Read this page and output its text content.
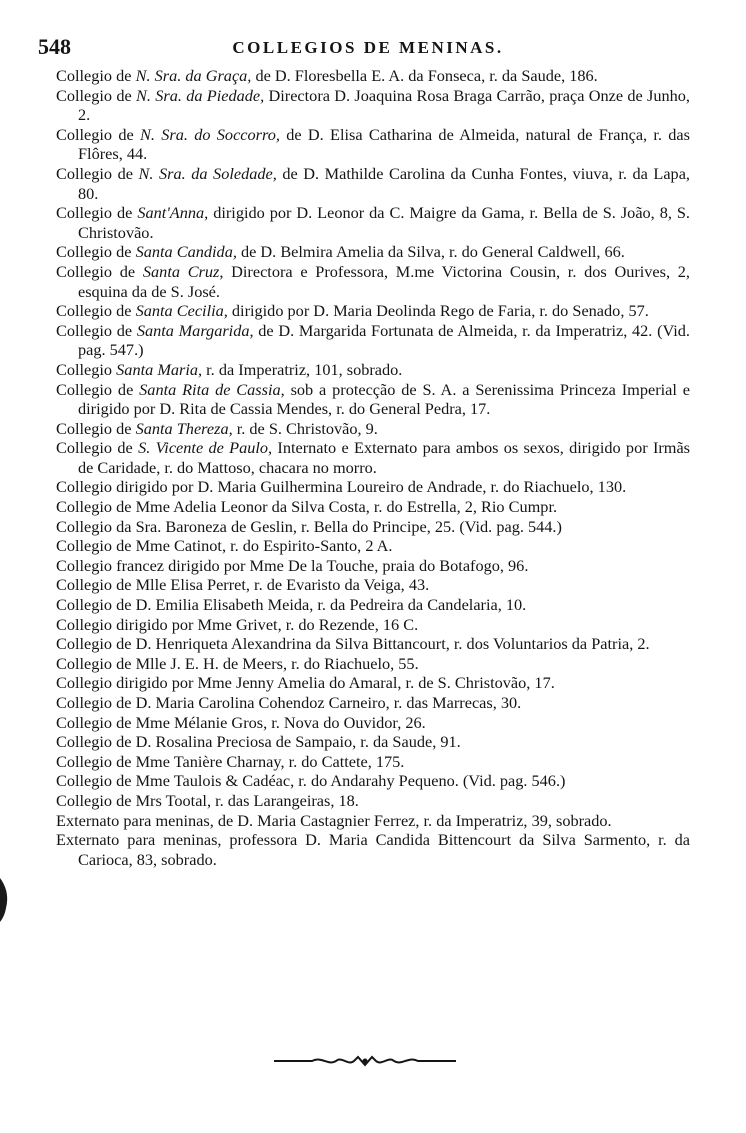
548	COLLEGIOS DE MENINAS.

Collegio de N. Sra. da Graça, de D. Floresbella E. A. da Fonseca, r. da Saude, 186.

Collegio de N. Sra. da Piedade, Directora D. Joaquina Rosa Braga Carrão, praça Onze de Junho, 2.

Collegio de N. Sra. do Soccorro, de D. Elisa Catharina de Almeida, natural de França, r. das Flôres, 44.

Collegio de N. Sra. da Soledade, de D. Mathilde Carolina da Cunha Fontes, viuva, r. da Lapa, 80.

Collegio de Sant'Anna, dirigido por D. Leonor da C. Maigre da Gama, r. Bella de S. João, 8, S. Christovão.

Collegio de Santa Candida, de D. Belmira Amelia da Silva, r. do General Caldwell, 66.

Collegio de Santa Cruz, Directora e Professora, M.me Victorina Cousin, r. dos Ourives, 2, esquina da de S. José.

Collegio de Santa Cecilia, dirigido por D. Maria Deolinda Rego de Faria, r. do Senado, 57.

Collegio de Santa Margarida, de D. Margarida Fortunata de Almeida, r. da Imperatriz, 42. (Vid. pag. 547.)

Collegio Santa Maria, r. da Imperatriz, 101, sobrado.

Collegio de Santa Rita de Cassia, sob a protecção de S. A. a Serenissima Princeza Imperial e dirigido por D. Rita de Cassia Mendes, r. do General Pedra, 17.

Collegio de Santa Thereza, r. de S. Christovão, 9.

Collegio de S. Vicente de Paulo, Internato e Externato para ambos os sexos, dirigido por Irmãs de Caridade, r. do Mattoso, chacara no morro.

Collegio dirigido por D. Maria Guilhermina Loureiro de Andrade, r. do Riachuelo, 130.

Collegio de Mme Adelia Leonor da Silva Costa, r. do Estrella, 2, Rio Cumpr.

Collegio da Sra. Baroneza de Geslin, r. Bella do Principe, 25. (Vid. pag. 544.)

Collegio de Mme Catinot, r. do Espirito-Santo, 2 A.

Collegio francez dirigido por Mme De la Touche, praia do Botafogo, 96.

Collegio de Mlle Elisa Perret, r. de Evaristo da Veiga, 43.

Collegio de D. Emilia Elisabeth Meida, r. da Pedreira da Candelaria, 10.

Collegio dirigido por Mme Grivet, r. do Rezende, 16 C.

Collegio de D. Henriqueta Alexandrina da Silva Bittancourt, r. dos Voluntarios da Patria, 2.

Collegio de Mlle J. E. H. de Meers, r. do Riachuelo, 55.

Collegio dirigido por Mme Jenny Amelia do Amaral, r. de S. Christovão, 17.

Collegio de D. Maria Carolina Cohendoz Carneiro, r. das Marrecas, 30.

Collegio de Mme Mélanie Gros, r. Nova do Ouvidor, 26.

Collegio de D. Rosalina Preciosa de Sampaio, r. da Saude, 91.

Collegio de Mme Tanière Charnay, r. do Cattete, 175.

Collegio de Mme Taulois & Cadéac, r. do Andarahy Pequeno. (Vid. pag. 546.)

Collegio de Mrs Tootal, r. das Larangeiras, 18.

Externato para meninas, de D. Maria Castagnier Ferrez, r. da Imperatriz, 39, sobrado.

Externato para meninas, professora D. Maria Candida Bittencourt da Silva Sarmento, r. da Carioca, 83, sobrado.
